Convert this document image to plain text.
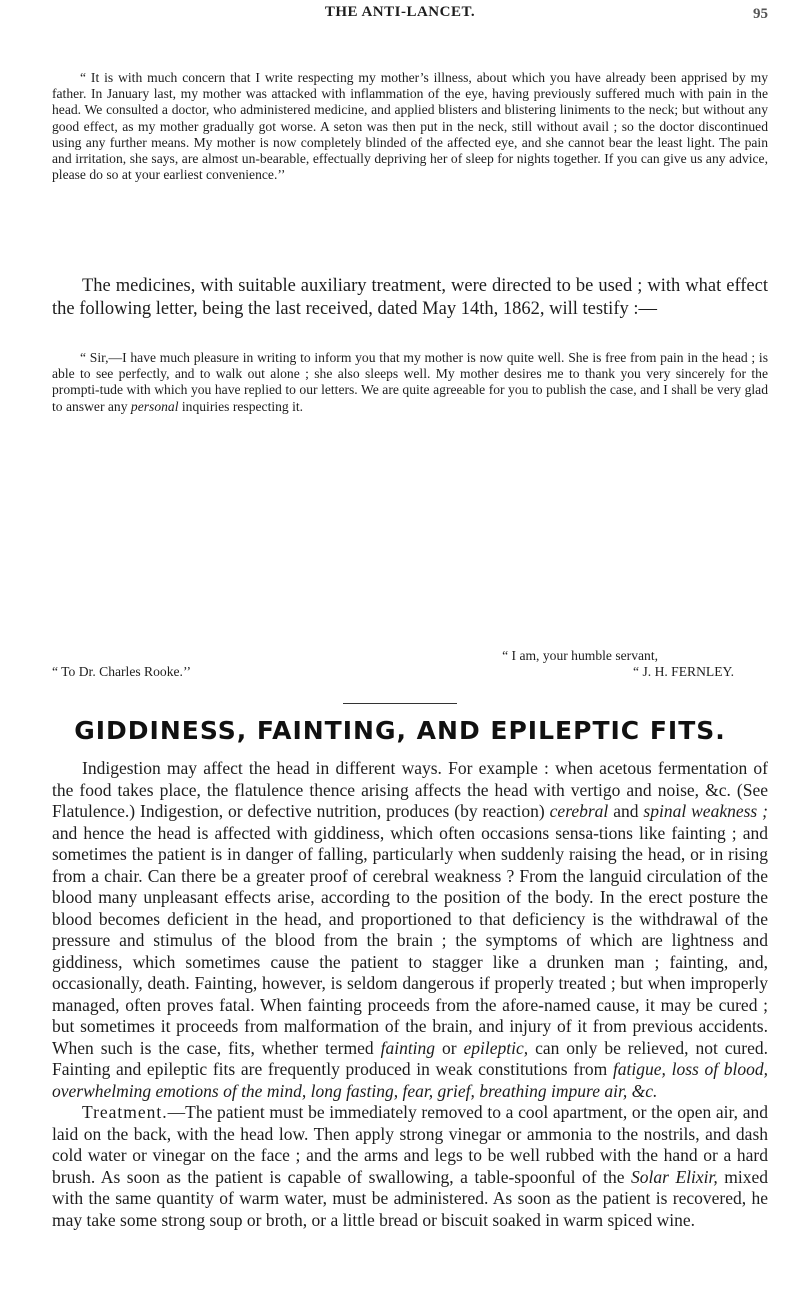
THE ANTI-LANCET.	95

“ It is with much concern that I write respecting my mother’s illness, about which you have already been apprised by my father. In January last, my mother was attacked with inflammation of the eye, having previously suffered much with pain in the head. We consulted a doctor, who administered medicine, and applied blisters and blistering liniments to the neck; but without any good effect, as my mother gradually got worse. A seton was then put in the neck, still without avail ; so the doctor discontinued using any further means. My mother is now completely blinded of the affected eye, and she cannot bear the least light. The pain and irritation, she says, are almost un-bearable, effectually depriving her of sleep for nights together. If you can give us any advice, please do so at your earliest convenience.’’

The medicines, with suitable auxiliary treatment, were directed to be used ; with what effect the following letter, being the last received, dated May 14th, 1862, will testify :—

“ Sir,—I have much pleasure in writing to inform you that my mother is now quite well. She is free from pain in the head ; is able to see perfectly, and to walk out alone ; she also sleeps well. My mother desires me to thank you very sincerely for the prompti-tude with which you have replied to our letters. We are quite agreeable for you to publish the case, and I shall be very glad to answer any personal inquiries respecting it.

“ I am, your humble servant,
“ To Dr. Charles Rooke.’’	“ J. H. FERNLEY.
GIDDINESS, FAINTING, AND EPILEPTIC FITS.

Indigestion may affect the head in different ways. For example : when acetous fermentation of the food takes place, the flatulence thence arising affects the head with vertigo and noise, &c. (See Flatulence.) Indigestion, or defective nutrition, produces (by reaction) cerebral and spinal weakness ; and hence the head is affected with giddiness, which often occasions sensa-tions like fainting ; and sometimes the patient is in danger of falling, particularly when suddenly raising the head, or in rising from a chair. Can there be a greater proof of cerebral weakness ? From the languid circulation of the blood many unpleasant effects arise, according to the position of the body. In the erect posture the blood becomes deficient in the head, and proportioned to that deficiency is the withdrawal of the pressure and stimulus of the blood from the brain ; the symptoms of which are lightness and giddiness, which sometimes cause the patient to stagger like a drunken man ; fainting, and, occasionally, death. Fainting, however, is seldom dangerous if properly treated ; but when improperly managed, often proves fatal. When fainting proceeds from the afore-named cause, it may be cured ; but sometimes it proceeds from malformation of the brain, and injury of it from previous accidents. When such is the case, fits, whether termed fainting or epileptic, can only be relieved, not cured. Fainting and epileptic fits are frequently produced in weak constitutions from fatigue, loss of blood, overwhelming emotions of the mind, long fasting, fear, grief, breathing impure air, &c.

Treatment.—The patient must be immediately removed to a cool apartment, or the open air, and laid on the back, with the head low. Then apply strong vinegar or ammonia to the nostrils, and dash cold water or vinegar on the face ; and the arms and legs to be well rubbed with the hand or a hard brush. As soon as the patient is capable of swallowing, a table-spoonful of the Solar Elixir, mixed with the same quantity of warm water, must be administered. As soon as the patient is recovered, he may take some strong soup or broth, or a little bread or biscuit soaked in warm spiced wine.
